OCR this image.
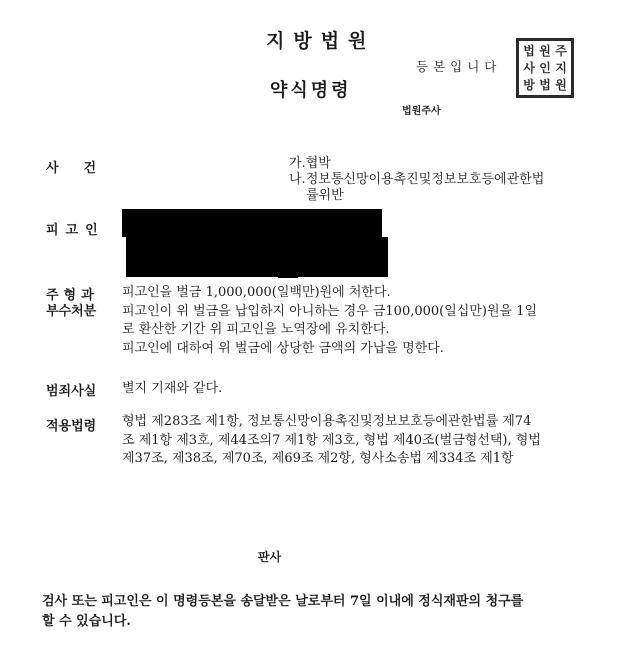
지방법원
등본입니다
법 원 주
사 인 지
방 법 원
약식명령
법원주사
사건	가.협박
나.정보통신망이용촉진및정보보호등에관한법
률위반
피고인
주형과
부수처분
피고인을 벌금 1,000,000(일백만)원에 처한다.
피고인이 위 벌금을 납입하지 아니하는 경우 금100,000(일십만)원을 1일
로 환산한 기간 위 피고인을 노역장에 유치한다.
피고인에 대하여 위 벌금에 상당한 금액의 가납을 명한다.
범죄사실 별지 기재와 같다.
적용법령 형법 제283조 제1항, 정보통신망이용촉진및정보보호등에관한법률 제74
조 제1항 제3호, 제44조의7 제1항 제3호, 형법 제40조(벌금형선택), 형법
제37조, 제38조, 제70조, 제69조 제2항, 형사소송법 제334조 제1항
판사
검사 또는 피고인은 이 명령등본을 송달받은 날로부터 7일 이내에 정식재판의 청구를
할 수 있습니다.
